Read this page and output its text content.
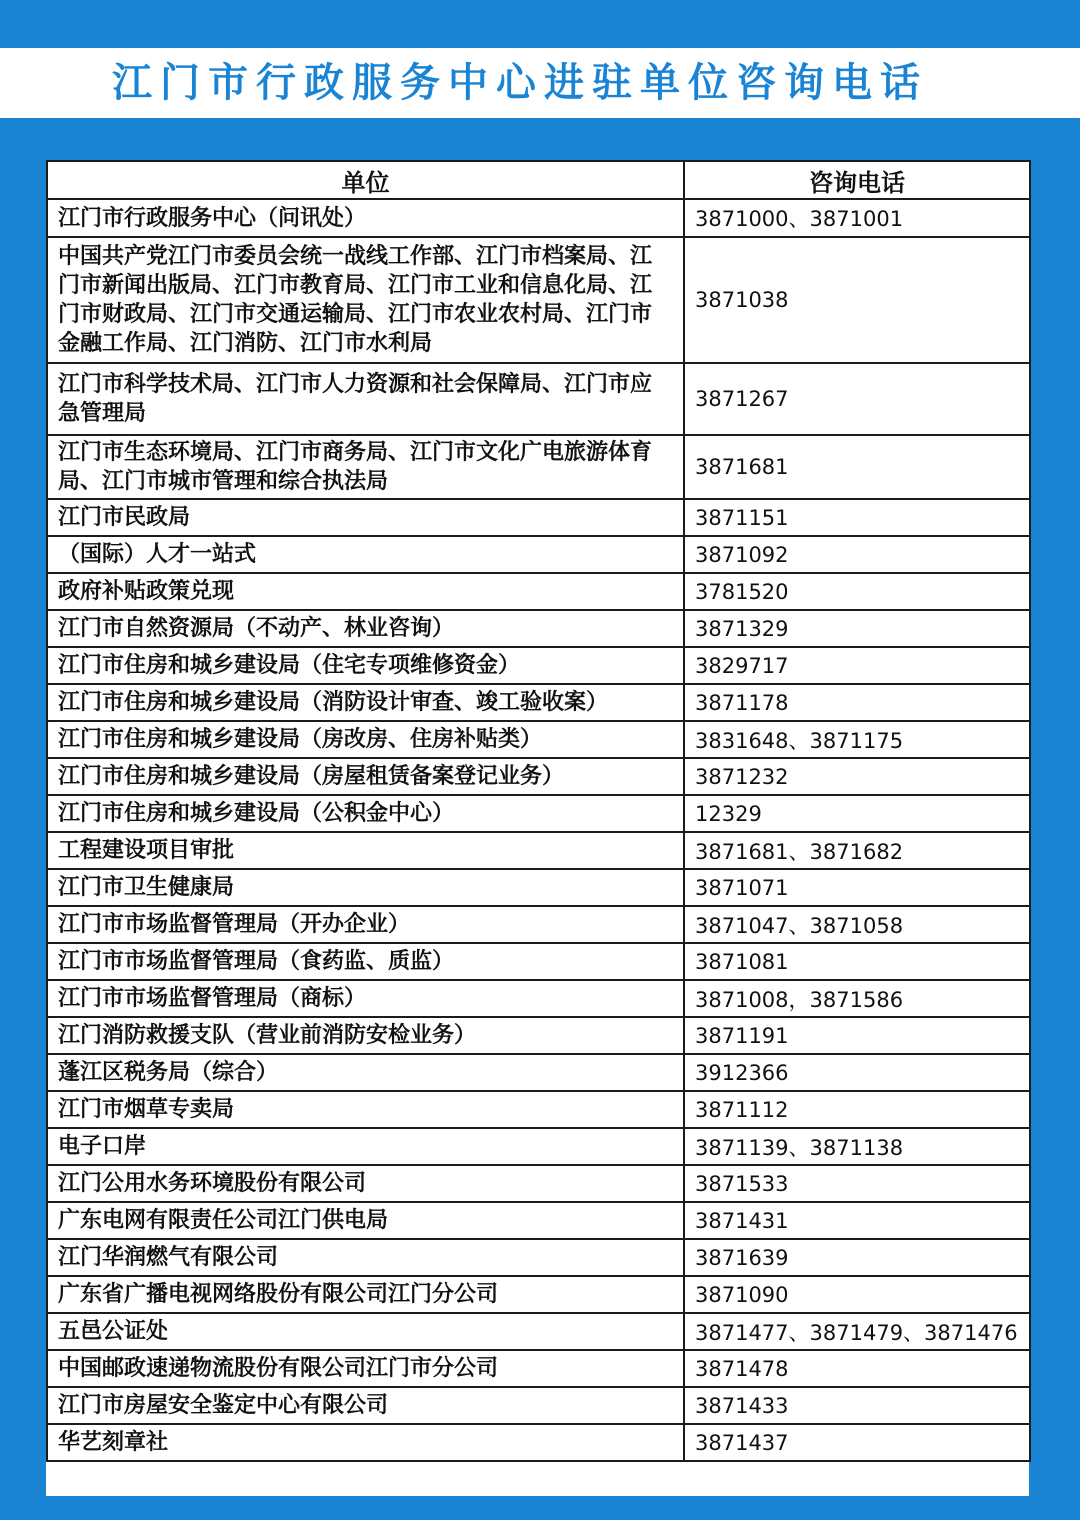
江门市行政服务中心进驻单位咨询电话
单位	咨询电话
江门市行政服务中心（问讯处）	3871000、3871001
中国共产党江门市委员会统一战线工作部、江门市档案局、江门市新闻出版局、江门市教育局、江门市工业和信息化局、江门市财政局、江门市交通运输局、江门市农业农村局、江门市金融工作局、江门消防、江门市水利局	3871038
江门市科学技术局、江门市人力资源和社会保障局、江门市应急管理局	3871267
江门市生态环境局、江门市商务局、江门市文化广电旅游体育局、江门市城市管理和综合执法局	3871681
江门市民政局	3871151
（国际）人才一站式	3871092
政府补贴政策兑现	3781520
江门市自然资源局（不动产、林业咨询）	3871329
江门市住房和城乡建设局（住宅专项维修资金）	3829717
江门市住房和城乡建设局（消防设计审查、竣工验收案）	3871178
江门市住房和城乡建设局（房改房、住房补贴类）	3831648、3871175
江门市住房和城乡建设局（房屋租赁备案登记业务）	3871232
江门市住房和城乡建设局（公积金中心）	12329
工程建设项目审批	3871681、3871682
江门市卫生健康局	3871071
江门市市场监督管理局（开办企业）	3871047、3871058
江门市市场监督管理局（食药监、质监）	3871081
江门市市场监督管理局（商标）	3871008，3871586
江门消防救援支队（营业前消防安检业务）	3871191
蓬江区税务局（综合）	3912366
江门市烟草专卖局	3871112
电子口岸	3871139、3871138
江门公用水务环境股份有限公司	3871533
广东电网有限责任公司江门供电局	3871431
江门华润燃气有限公司	3871639
广东省广播电视网络股份有限公司江门分公司	3871090
五邑公证处	3871477、3871479、3871476
中国邮政速递物流股份有限公司江门市分公司	3871478
江门市房屋安全鉴定中心有限公司	3871433
华艺刻章社	3871437
